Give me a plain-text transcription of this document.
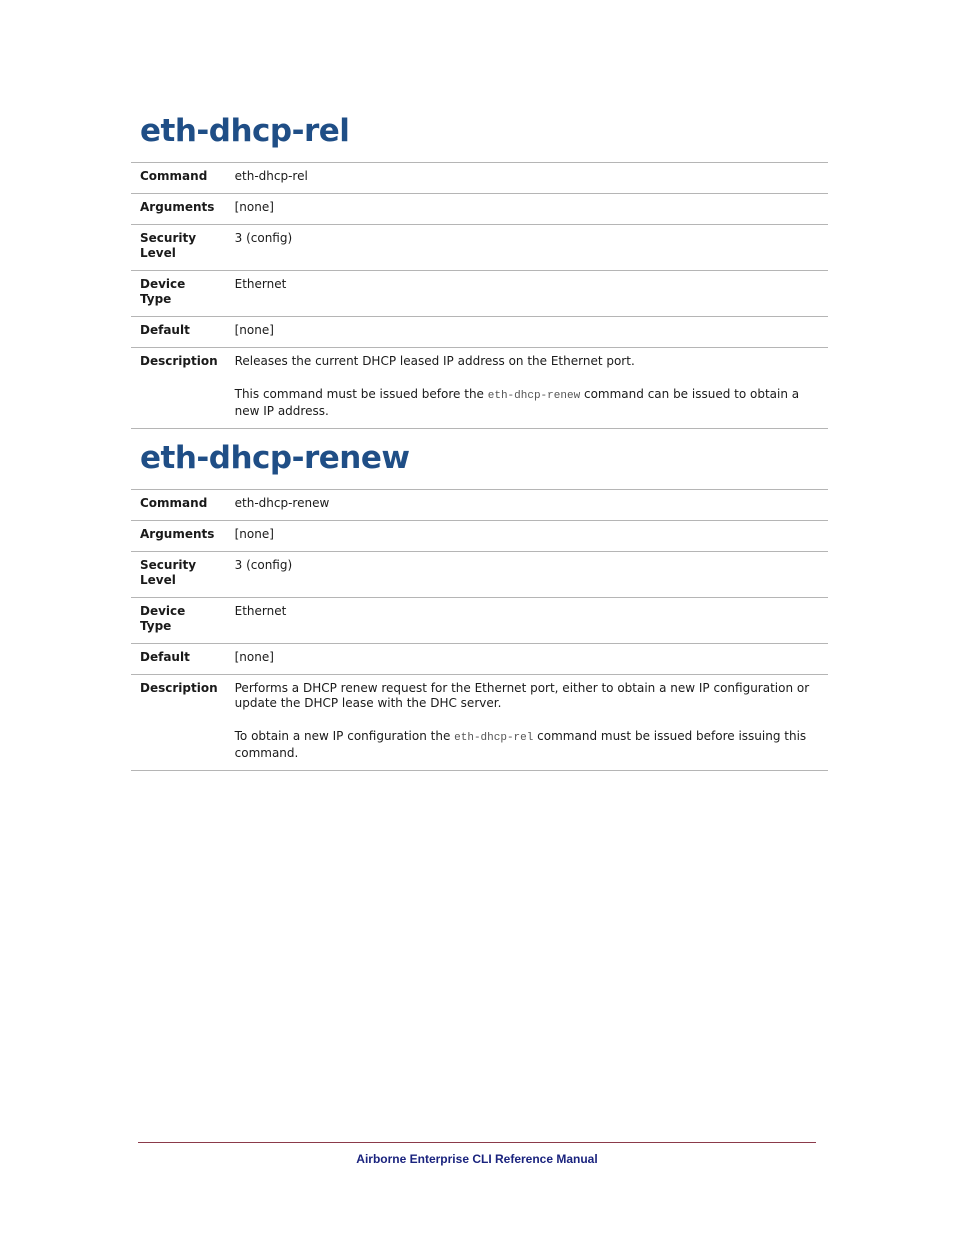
eth-dhcp-rel
Command	eth-dhcp-rel
Arguments	[none]
Security Level	3 (config)
Device Type	Ethernet
Default	[none]
Description	Releases the current DHCP leased IP address on the Ethernet port.
This command must be issued before the eth-dhcp-renew command can be issued to obtain a new IP address.
eth-dhcp-renew
Command	eth-dhcp-renew
Arguments	[none]
Security Level	3 (config)
Device Type	Ethernet
Default	[none]
Description	Performs a DHCP renew request for the Ethernet port, either to obtain a new IP configuration or update the DHCP lease with the DHC server.
To obtain a new IP configuration the eth-dhcp-rel command must be issued before issuing this command.
Airborne Enterprise CLI Reference Manual
